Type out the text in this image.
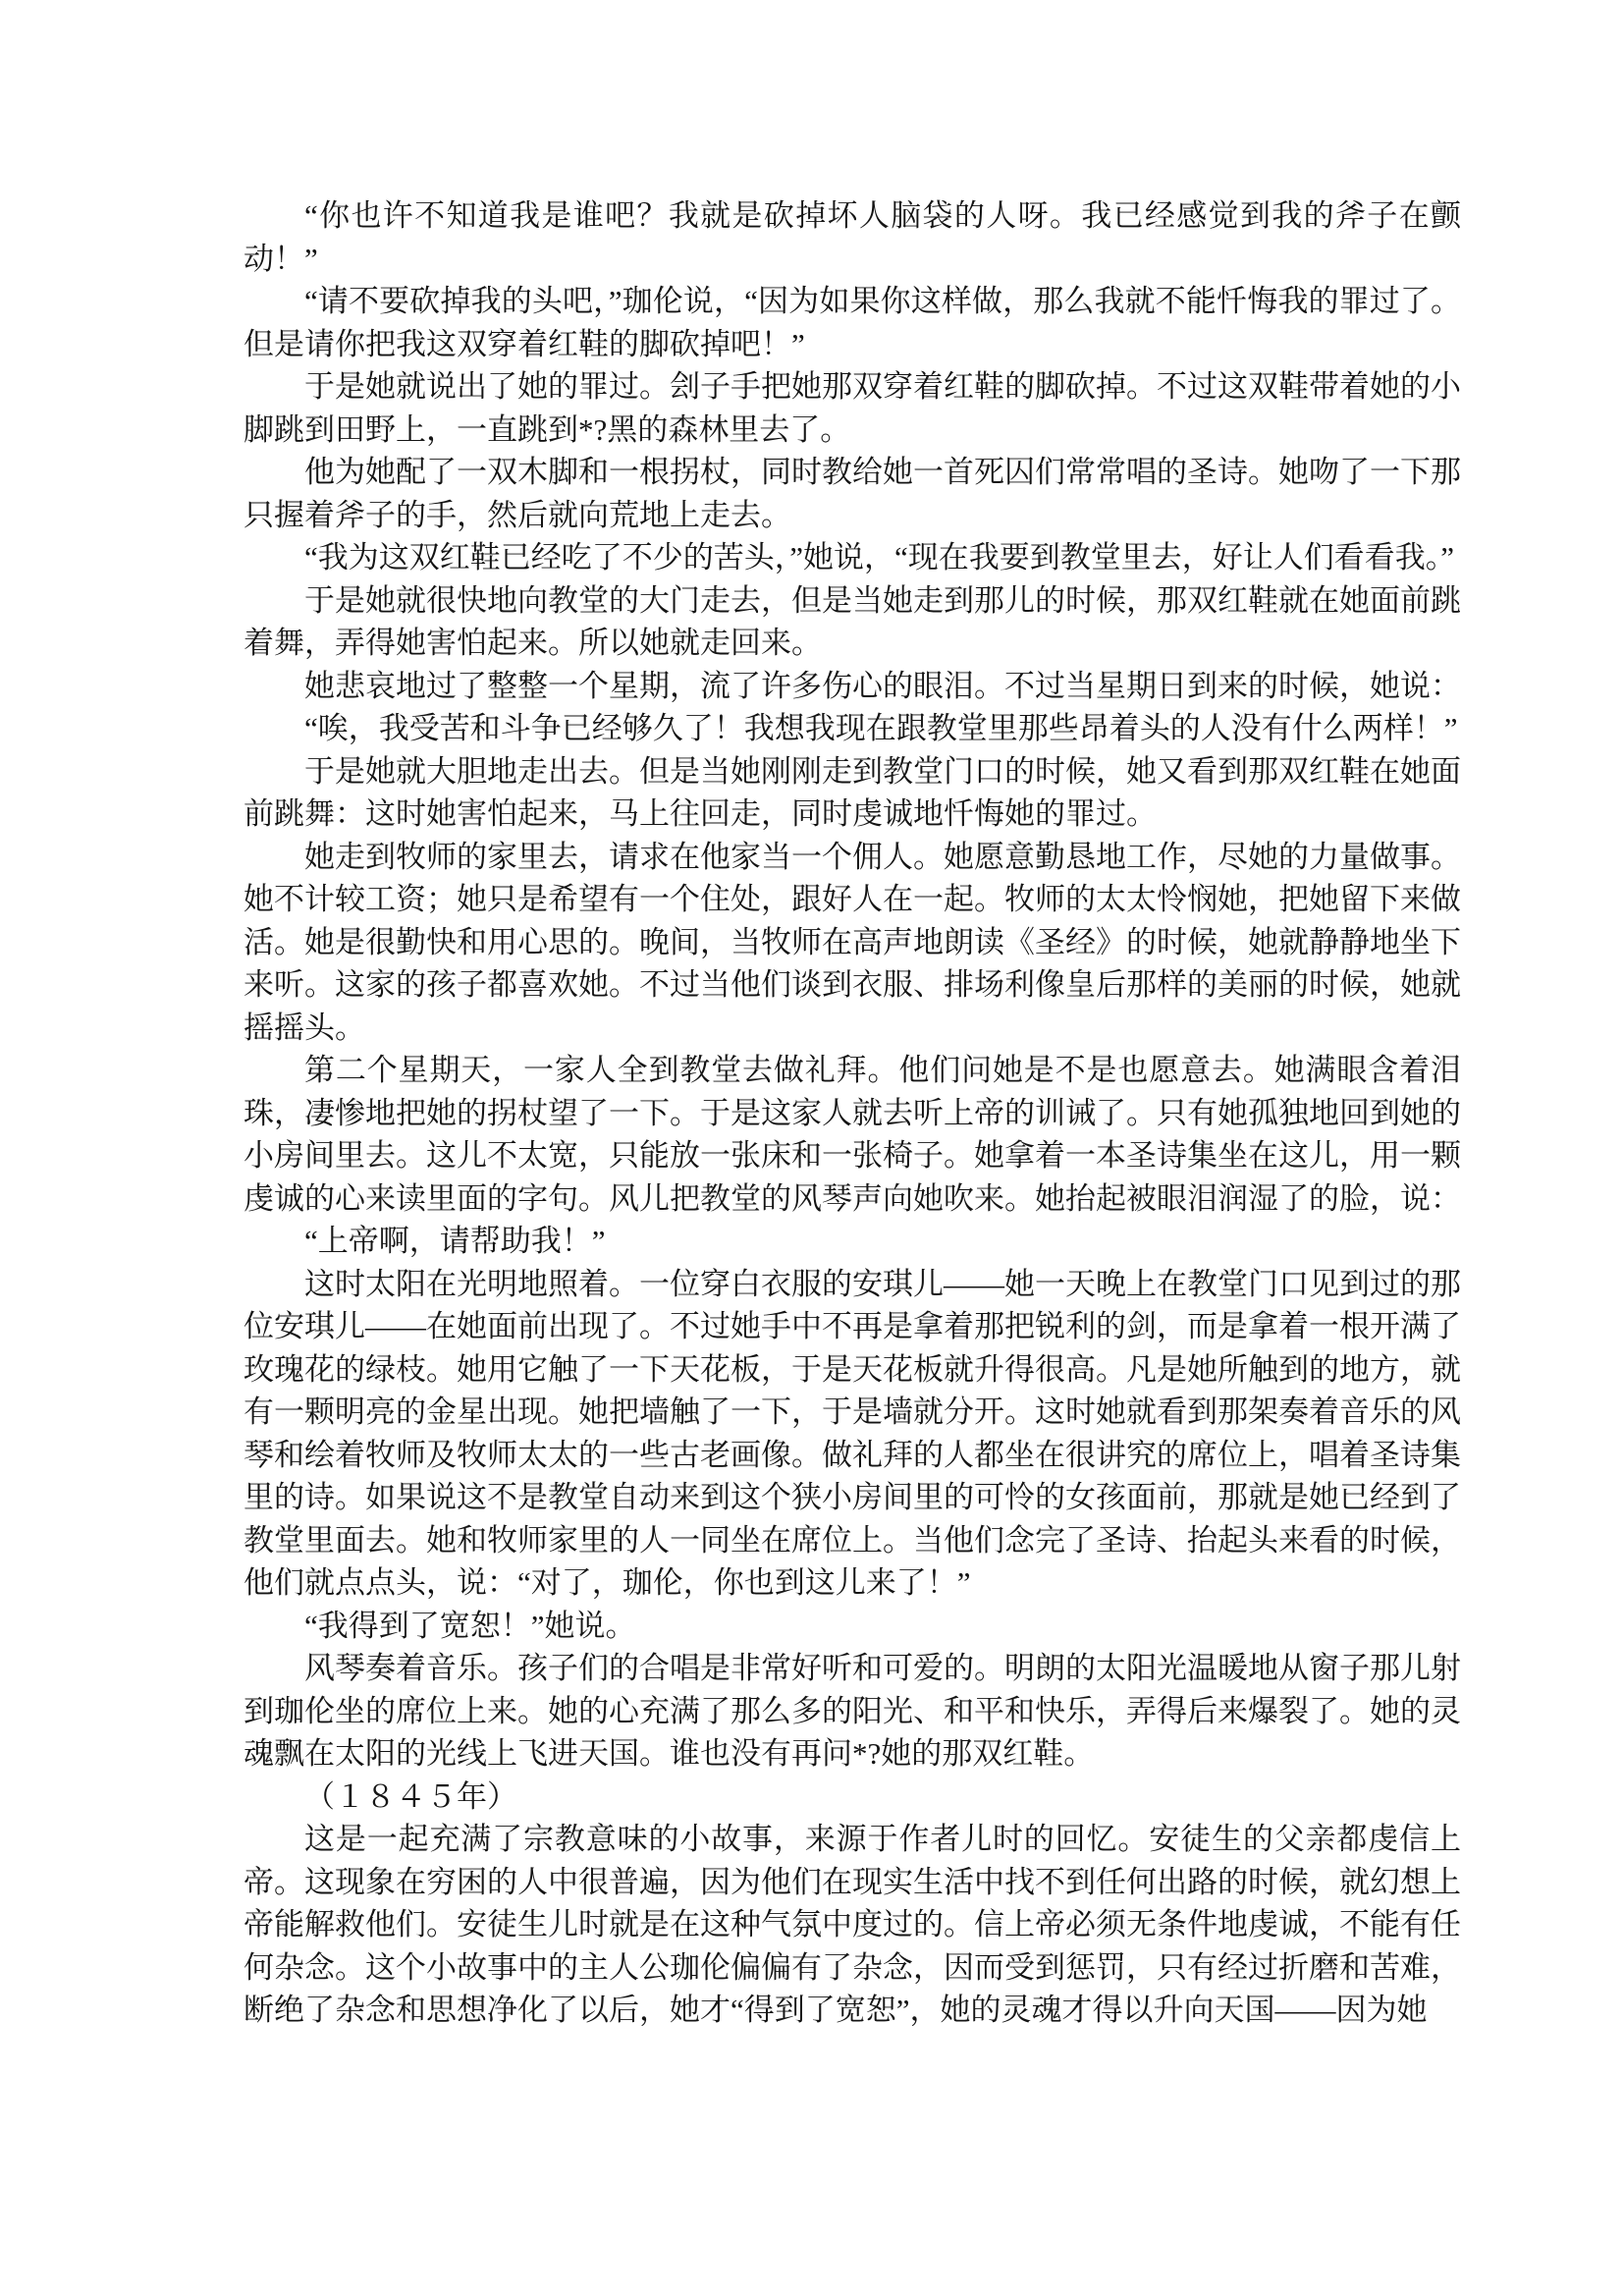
“你也许不知道我是谁吧？我就是砍掉坏人脑袋的人呀。我已经感觉到我的斧子在颤动！”

“请不要砍掉我的头吧，”珈伦说，“因为如果你这样做，那么我就不能忏悔我的罪过了。但是请你把我这双穿着红鞋的脚砍掉吧！”

于是她就说出了她的罪过。刽子手把她那双穿着红鞋的脚砍掉。不过这双鞋带着她的小脚跳到田野上，一直跳到*?黑的森林里去了。

他为她配了一双木脚和一根拐杖，同时教给她一首死囚们常常唱的圣诗。她吻了一下那只握着斧子的手，然后就向荒地上走去。

“我为这双红鞋已经吃了不少的苦头，”她说，“现在我要到教堂里去，好让人们看看我。”

于是她就很快地向教堂的大门走去，但是当她走到那儿的时候，那双红鞋就在她面前跳着舞，弄得她害怕起来。所以她就走回来。

她悲哀地过了整整一个星期，流了许多伤心的眼泪。不过当星期日到来的时候，她说：

“唉，我受苦和斗争已经够久了！我想我现在跟教堂里那些昂着头的人没有什么两样！”

于是她就大胆地走出去。但是当她刚刚走到教堂门口的时候，她又看到那双红鞋在她面前跳舞：这时她害怕起来，马上往回走，同时虔诚地忏悔她的罪过。

她走到牧师的家里去，请求在他家当一个佣人。她愿意勤恳地工作，尽她的力量做事。她不计较工资；她只是希望有一个住处，跟好人在一起。牧师的太太怜悯她，把她留下来做活。她是很勤快和用心思的。晚间，当牧师在高声地朗读《圣经》的时候，她就静静地坐下来听。这家的孩子都喜欢她。不过当他们谈到衣服、排场利像皇后那样的美丽的时候，她就摇摇头。

第二个星期天，一家人全到教堂去做礼拜。他们问她是不是也愿意去。她满眼含着泪珠，凄惨地把她的拐杖望了一下。于是这家人就去听上帝的训诫了。只有她孤独地回到她的小房间里去。这儿不太宽，只能放一张床和一张椅子。她拿着一本圣诗集坐在这儿，用一颗虔诚的心来读里面的字句。风儿把教堂的风琴声向她吹来。她抬起被眼泪润湿了的脸，说：

“上帝啊，请帮助我！”

这时太阳在光明地照着。一位穿白衣服的安琪儿——她一天晚上在教堂门口见到过的那位安琪儿——在她面前出现了。不过她手中不再是拿着那把锐利的剑，而是拿着一根开满了玫瑰花的绿枝。她用它触了一下天花板，于是天花板就升得很高。凡是她所触到的地方，就有一颗明亮的金星出现。她把墙触了一下，于是墙就分开。这时她就看到那架奏着音乐的风琴和绘着牧师及牧师太太的一些古老画像。做礼拜的人都坐在很讲究的席位上，唱着圣诗集里的诗。如果说这不是教堂自动来到这个狭小房间里的可怜的女孩面前，那就是她已经到了教堂里面去。她和牧师家里的人一同坐在席位上。当他们念完了圣诗、抬起头来看的时候，他们就点点头，说：“对了，珈伦，你也到这儿来了！”

“我得到了宽恕！”她说。

风琴奏着音乐。孩子们的合唱是非常好听和可爱的。明朗的太阳光温暖地从窗子那儿射到珈伦坐的席位上来。她的心充满了那么多的阳光、和平和快乐，弄得后来爆裂了。她的灵魂飘在太阳的光线上飞进天国。谁也没有再问*?她的那双红鞋。

（１８４５年）

这是一起充满了宗教意味的小故事，来源于作者儿时的回忆。安徒生的父亲都虔信上帝。这现象在穷困的人中很普遍，因为他们在现实生活中找不到任何出路的时候，就幻想上帝能解救他们。安徒生儿时就是在这种气氛中度过的。信上帝必须无条件地虔诚，不能有任何杂念。这个小故事中的主人公珈伦偏偏有了杂念，因而受到惩罚，只有经过折磨和苦难，断绝了杂念和思想净化了以后，她才“得到了宽恕”，她的灵魂才得以升向天国——因为她
